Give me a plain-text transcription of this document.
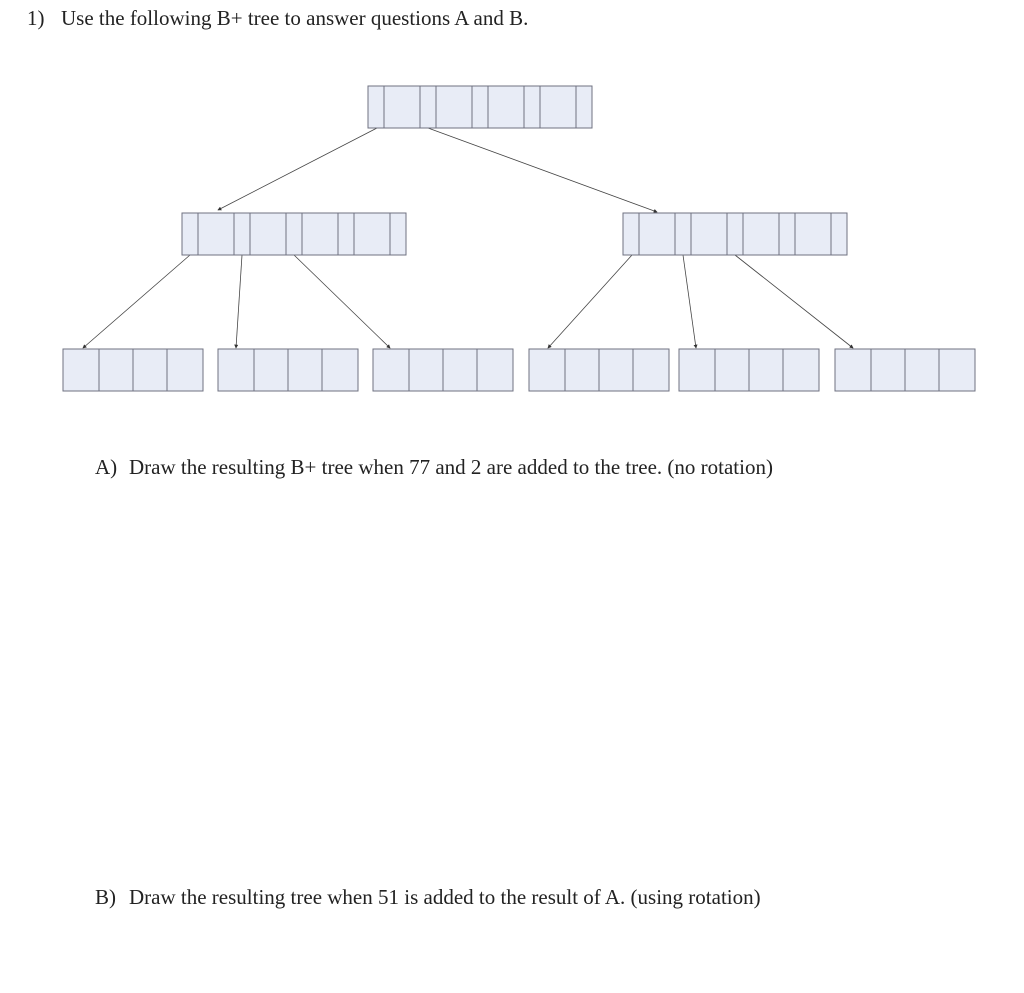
1) Use the following B+ tree to answer questions A and B.
A) Draw the resulting B+ tree when 77 and 2 are added to the tree. (no rotation)
B) Draw the resulting tree when 51 is added to the result of A. (using rotation)
